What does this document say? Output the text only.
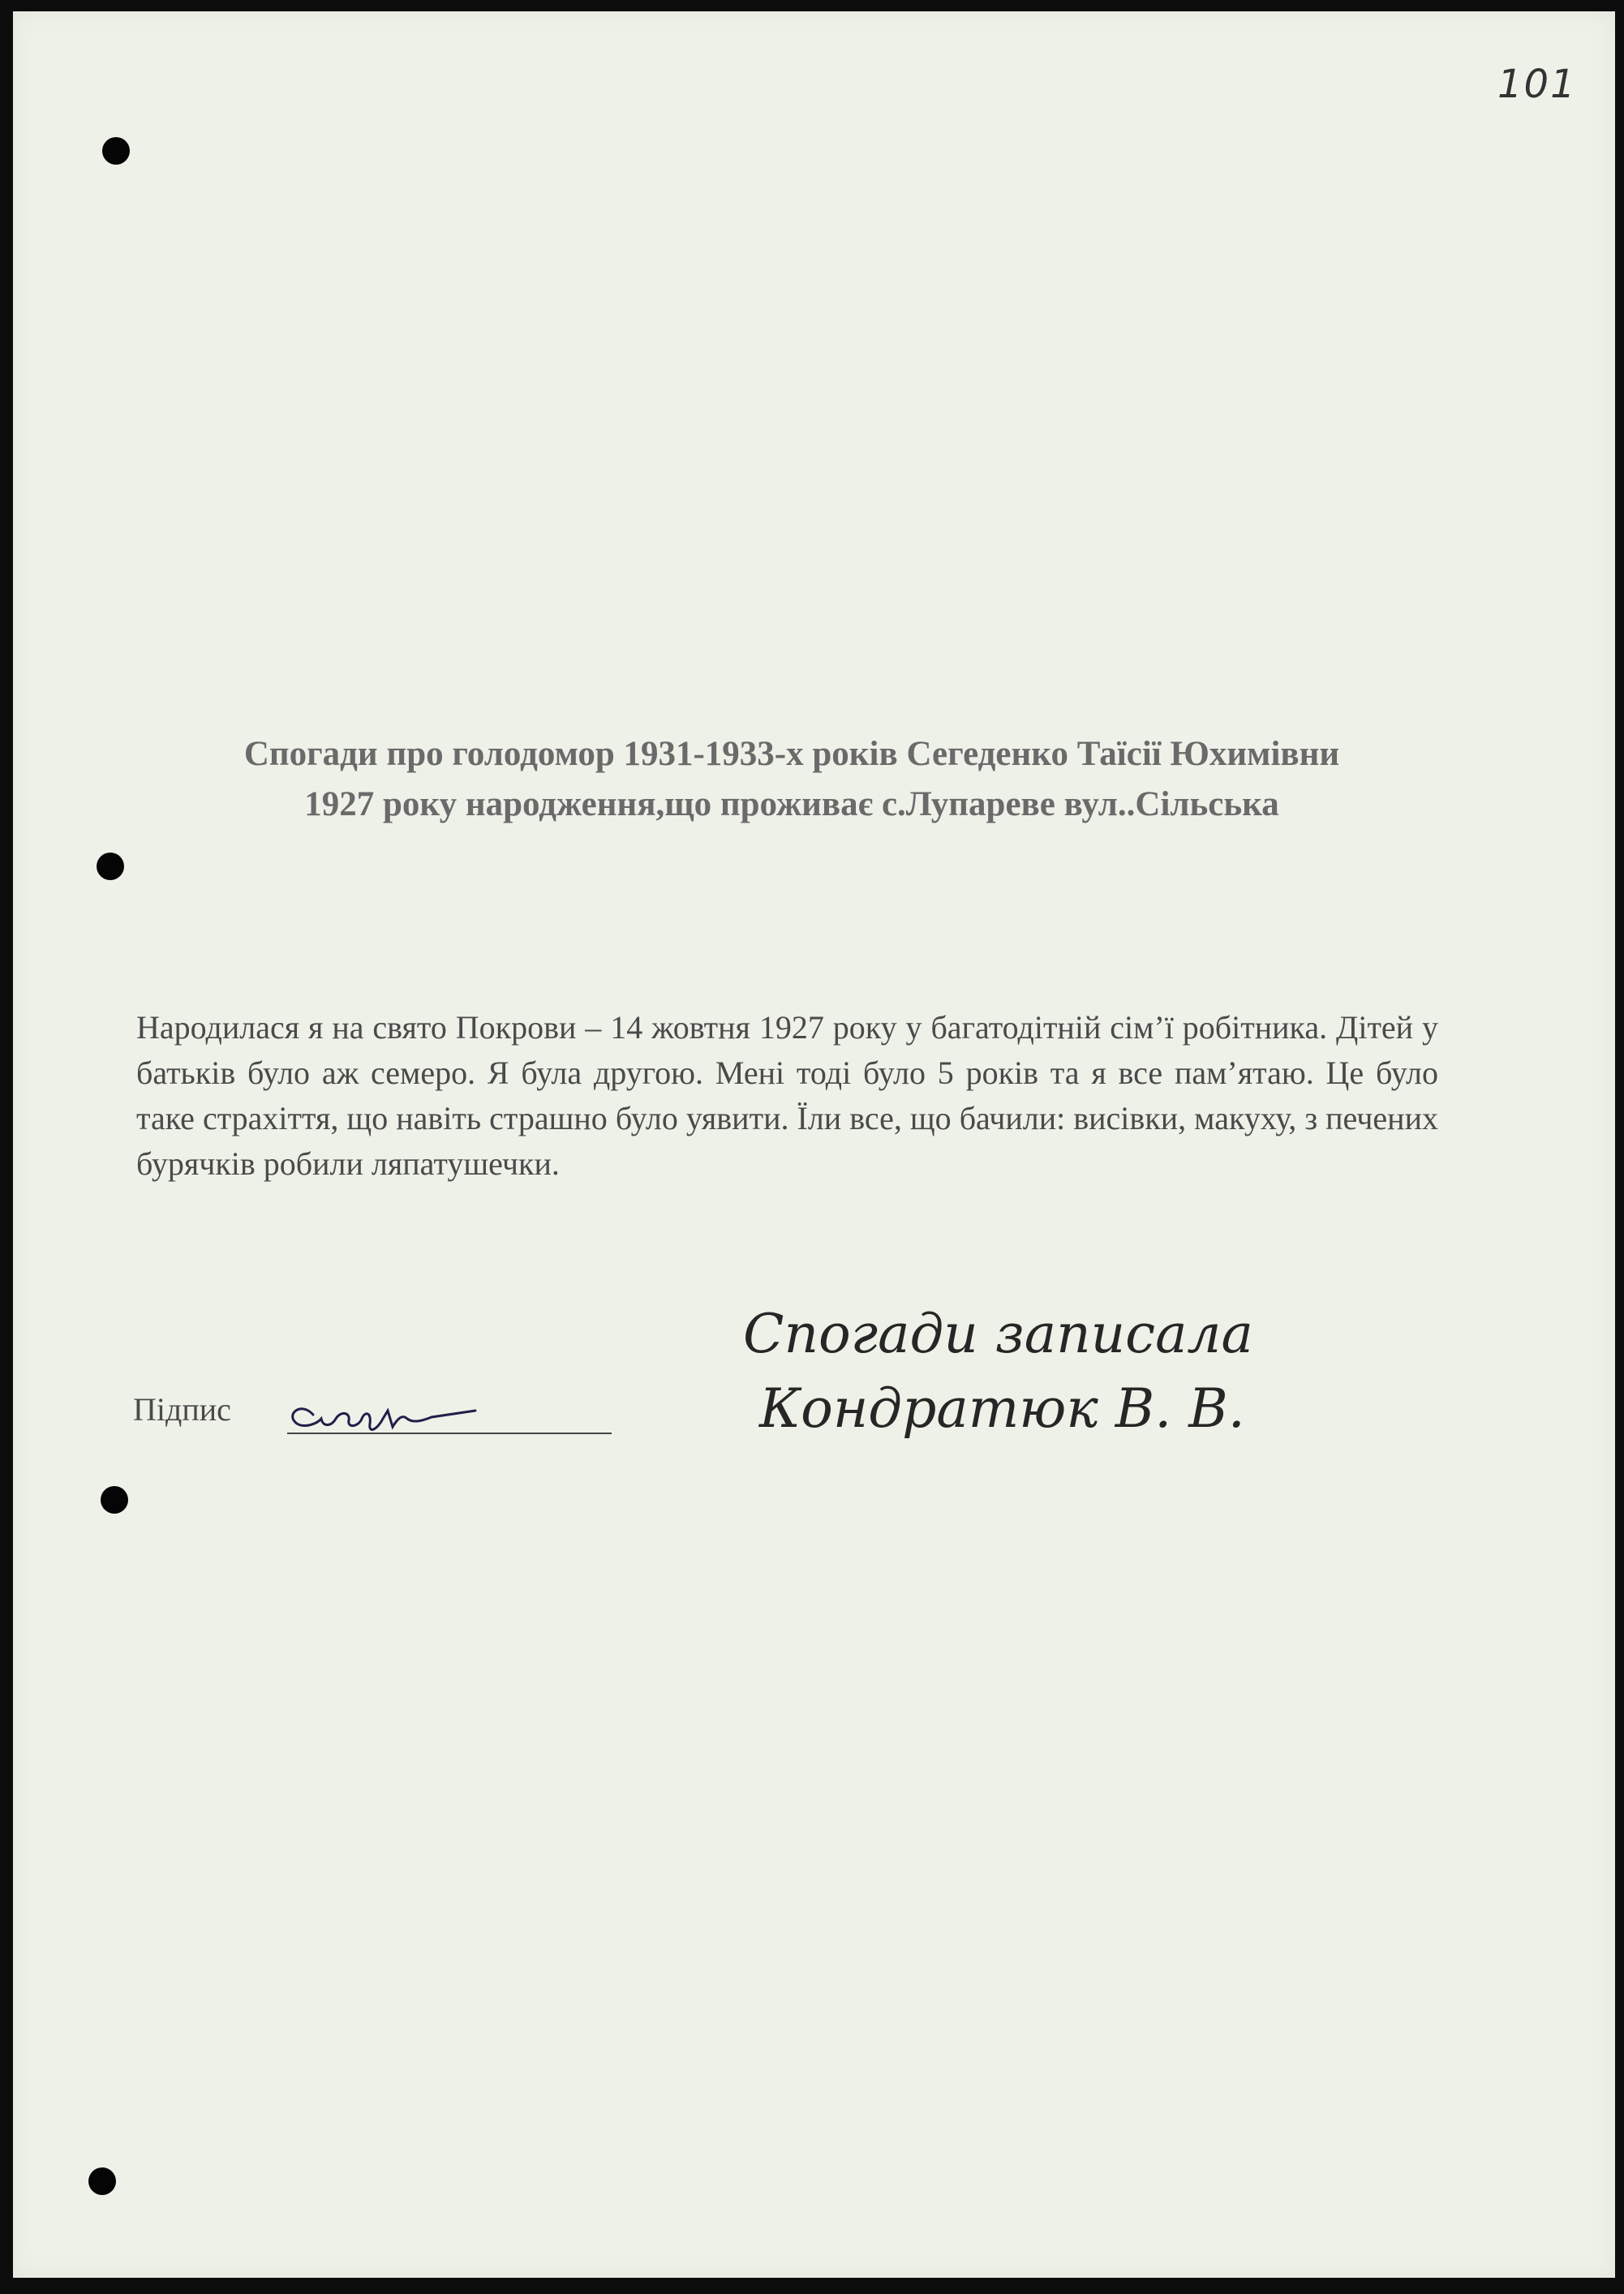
101

Спогади про голодомор 1931-1933-х років Сегеденко Таїсії Юхимівни
1927 року народження,що проживає с.Лупареве вул..Сільська

Народилася я на свято Покрови – 14 жовтня 1927 року у багатодітній сім’ї робітника. Дітей у батьків було аж семеро. Я була другою. Мені тоді було 5 років та я все пам’ятаю. Це було таке страхіття, що навіть страшно було уявити. Їли все, що бачили: висівки, макуху, з печених бурячків робили ляпатушечки.

Підпис

Спогади записала
Кондратюк В. В.
